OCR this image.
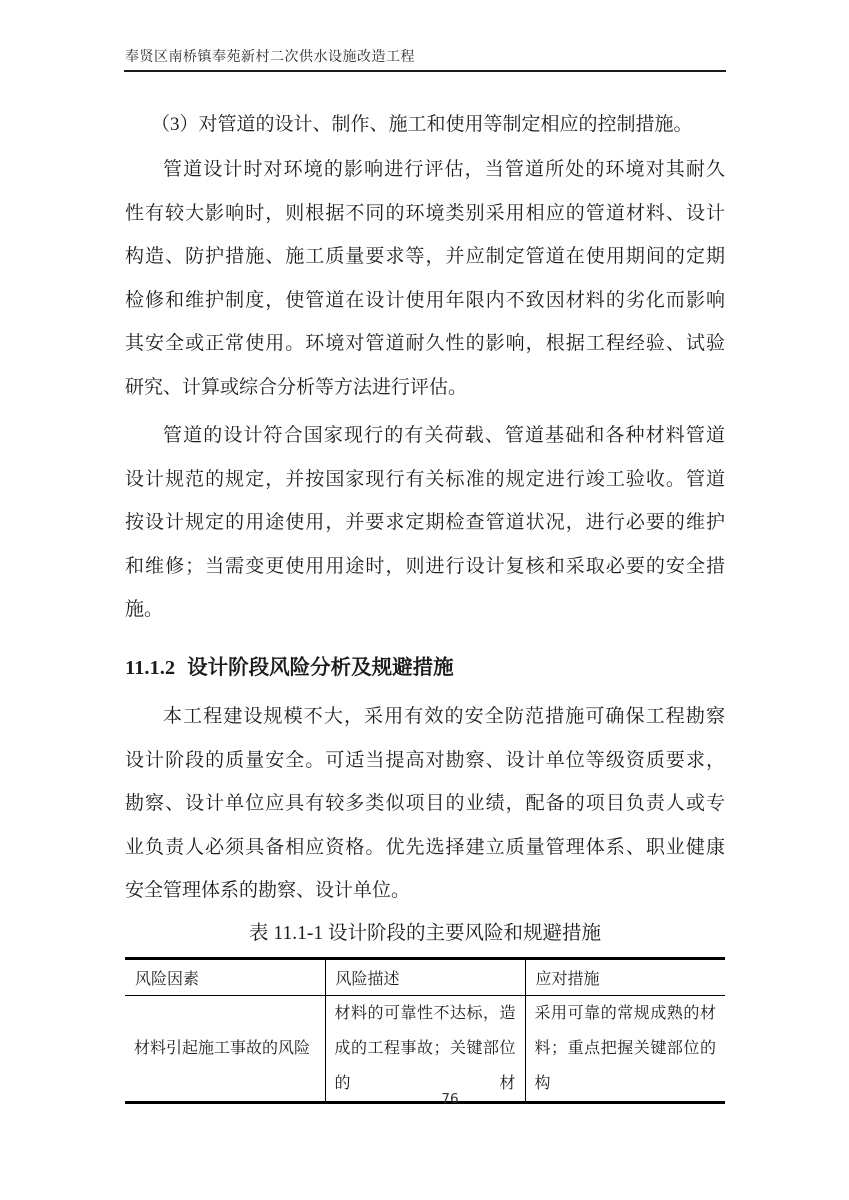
奉贤区南桥镇奉苑新村二次供水设施改造工程
（3）对管道的设计、制作、施工和使用等制定相应的控制措施。
管道设计时对环境的影响进行评估，当管道所处的环境对其耐久
性有较大影响时，则根据不同的环境类别采用相应的管道材料、设计
构造、防护措施、施工质量要求等，并应制定管道在使用期间的定期
检修和维护制度，使管道在设计使用年限内不致因材料的劣化而影响
其安全或正常使用。环境对管道耐久性的影响，根据工程经验、试验
研究、计算或综合分析等方法进行评估。
管道的设计符合国家现行的有关荷载、管道基础和各种材料管道
设计规范的规定，并按国家现行有关标准的规定进行竣工验收。管道
按设计规定的用途使用，并要求定期检查管道状况，进行必要的维护
和维修；当需变更使用用途时，则进行设计复核和采取必要的安全措
施。
11.1.2 设计阶段风险分析及规避措施
本工程建设规模不大，采用有效的安全防范措施可确保工程勘察
设计阶段的质量安全。可适当提高对勘察、设计单位等级资质要求，
勘察、设计单位应具有较多类似项目的业绩，配备的项目负责人或专
业负责人必须具备相应资格。优先选择建立质量管理体系、职业健康
安全管理体系的勘察、设计单位。
表 11.1-1 设计阶段的主要风险和规避措施
风险因素	风险描述	应对措施
材料引起施工事故的风险	材料的可靠性不达标，造成的工程事故；关键部位的材	采用可靠的常规成熟的材料；重点把握关键部位的构
76
